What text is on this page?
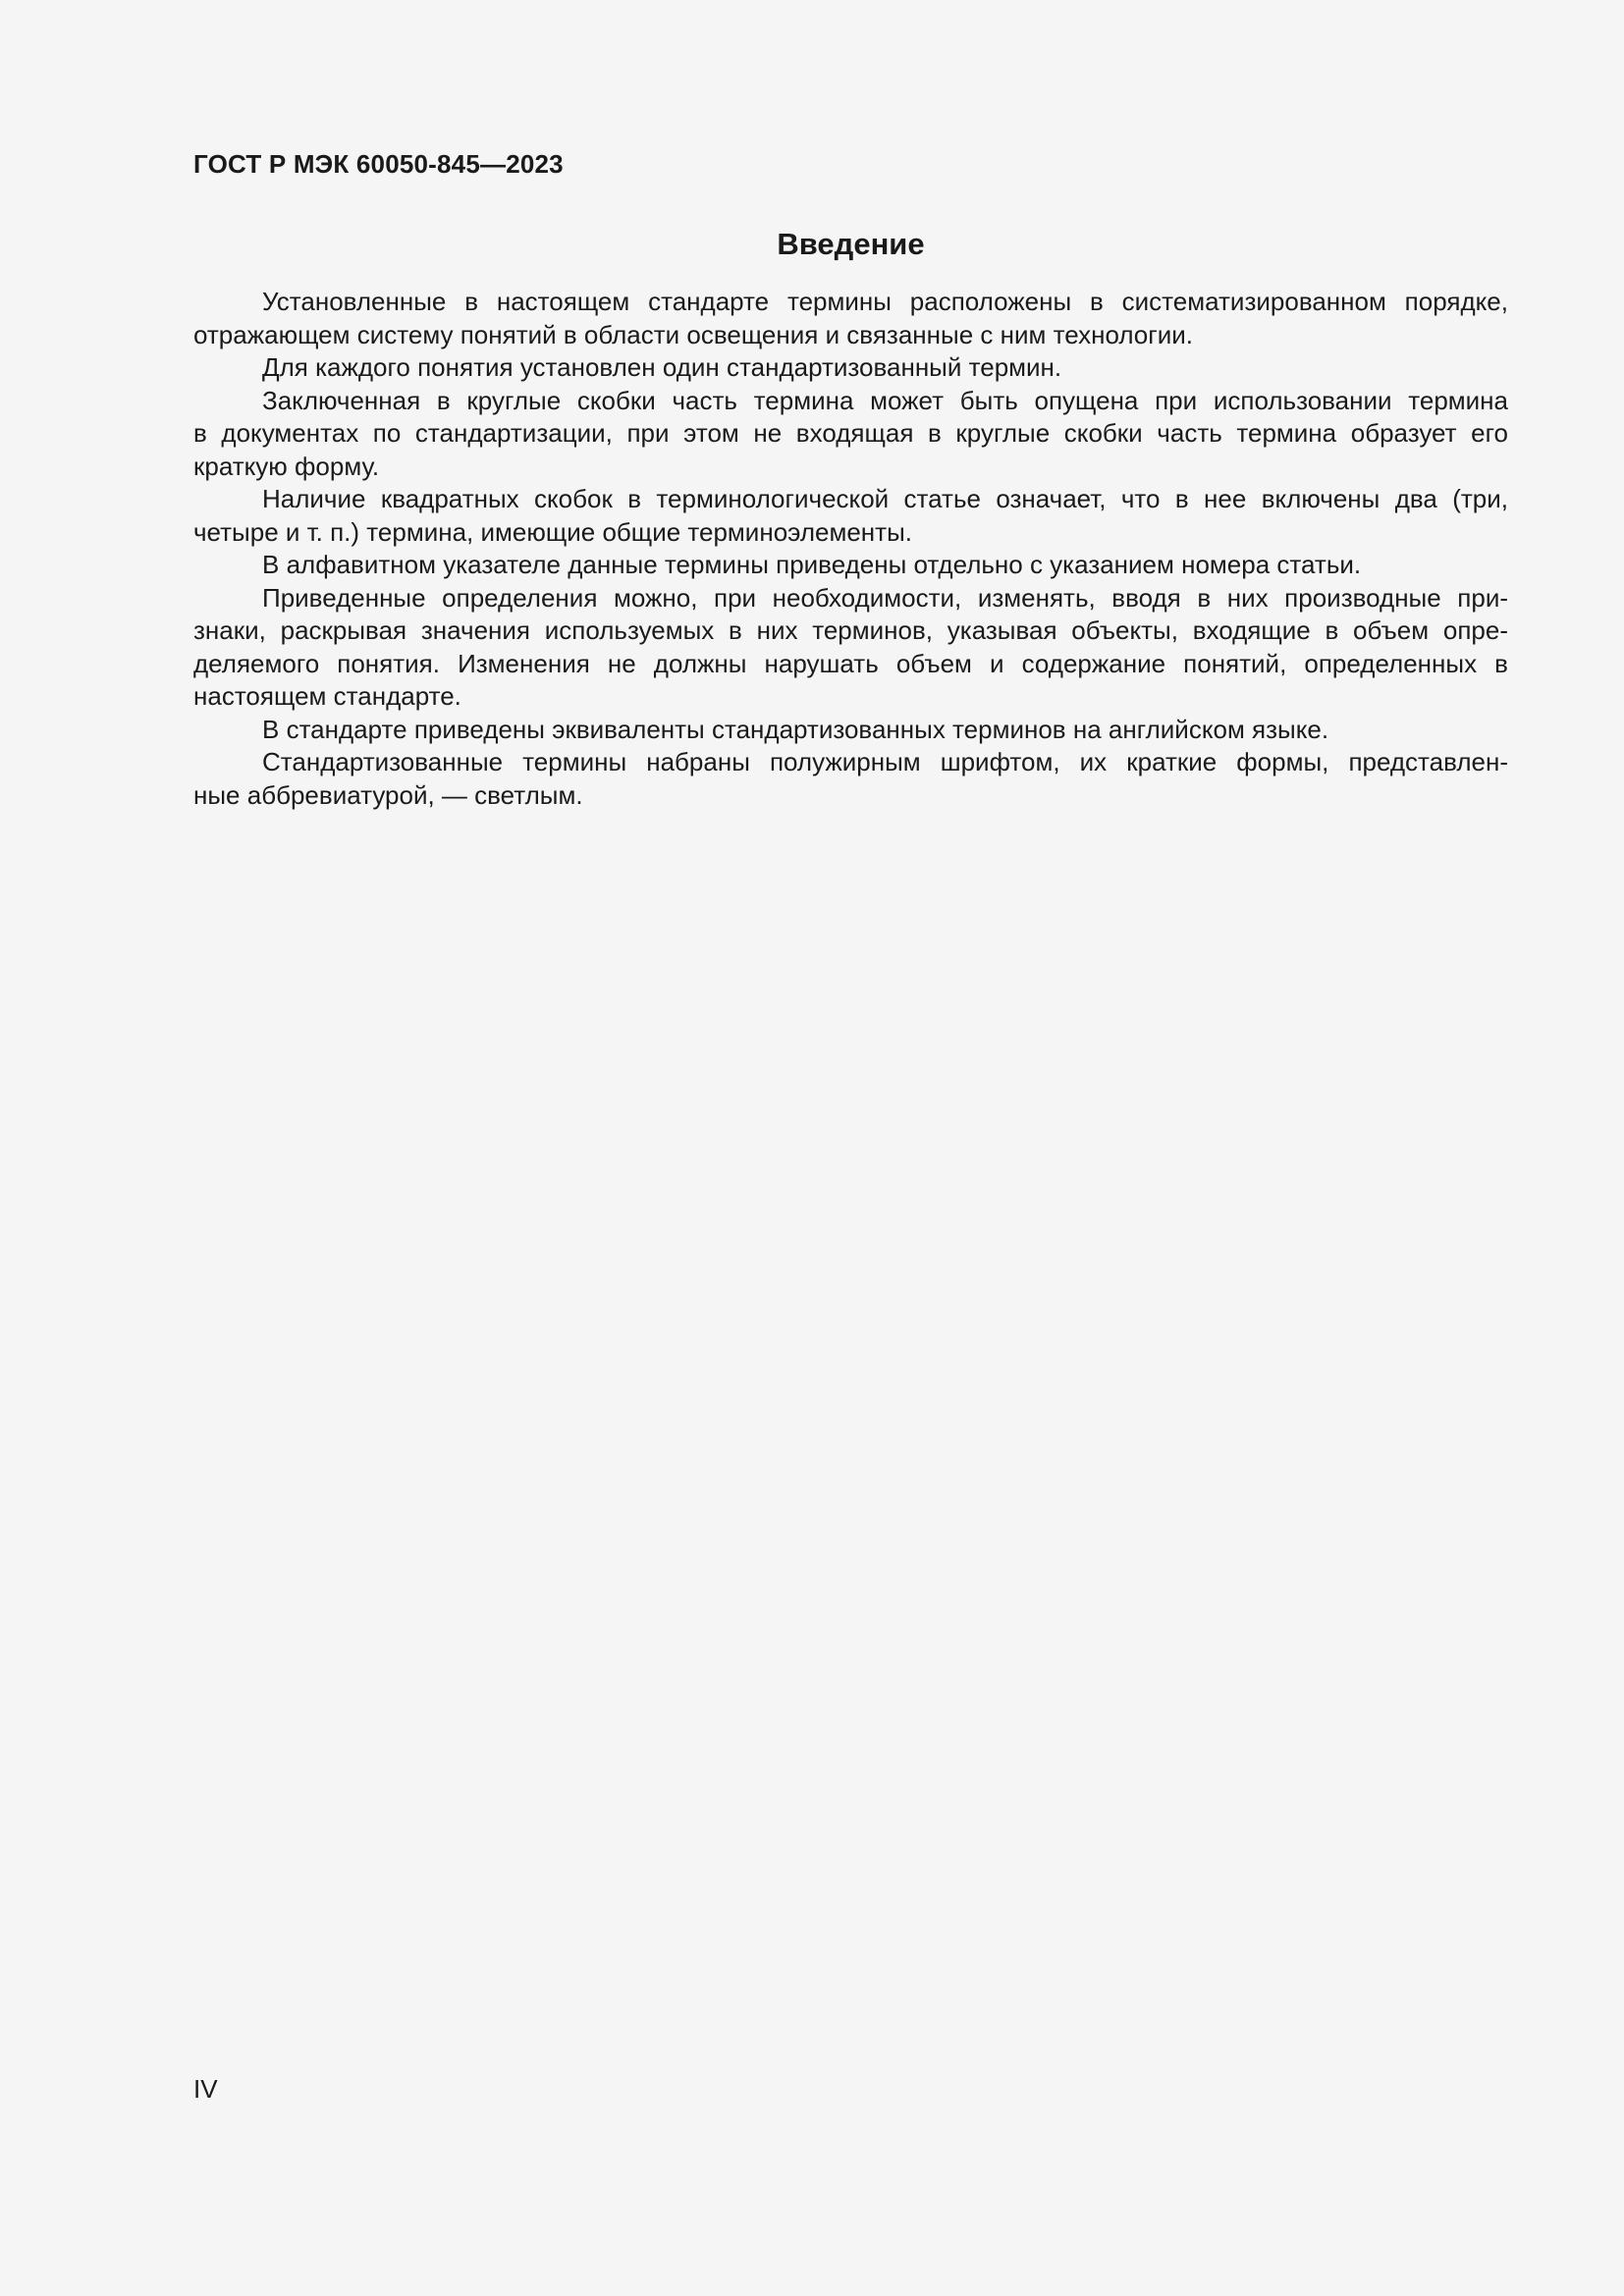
ГОСТ Р МЭК 60050-845—2023
Введение
Установленные в настоящем стандарте термины расположены в систематизированном порядке,
отражающем систему понятий в области освещения и связанные с ним технологии.
Для каждого понятия установлен один стандартизованный термин.
Заключенная в круглые скобки часть термина может быть опущена при использовании термина
в документах по стандартизации, при этом не входящая в круглые скобки часть термина образует его
краткую форму.
Наличие квадратных скобок в терминологической статье означает, что в нее включены два (три,
четыре и т. п.) термина, имеющие общие терминоэлементы.
В алфавитном указателе данные термины приведены отдельно с указанием номера статьи.
Приведенные определения можно, при необходимости, изменять, вводя в них производные при-
знаки, раскрывая значения используемых в них терминов, указывая объекты, входящие в объем опре-
деляемого понятия. Изменения не должны нарушать объем и содержание понятий, определенных в
настоящем стандарте.
В стандарте приведены эквиваленты стандартизованных терминов на английском языке.
Стандартизованные термины набраны полужирным шрифтом, их краткие формы, представлен-
ные аббревиатурой, — светлым.
IV
